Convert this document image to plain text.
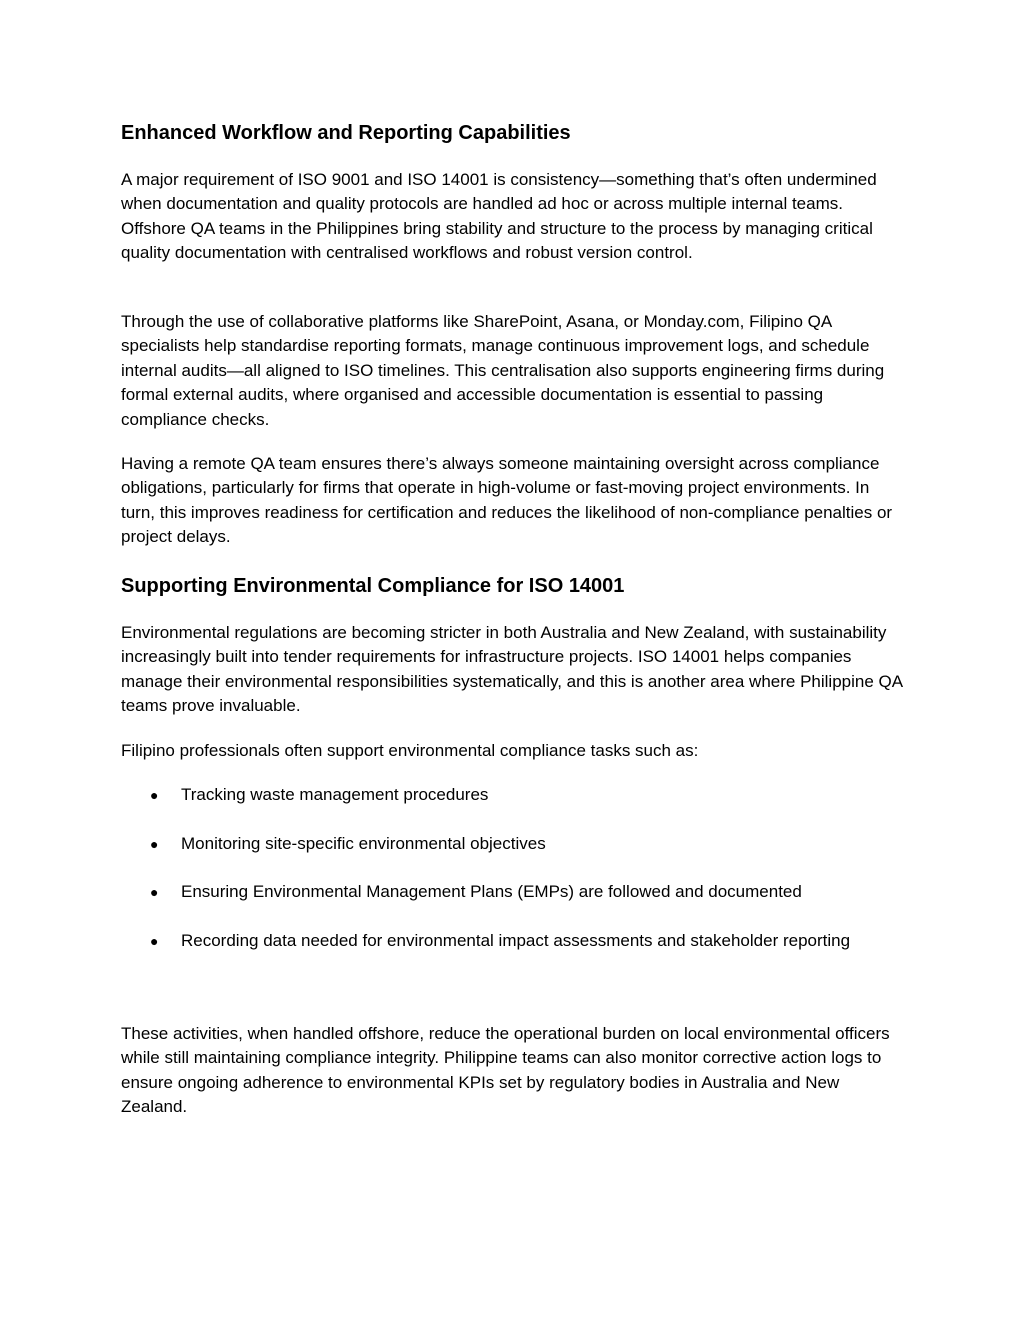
Enhanced Workflow and Reporting Capabilities

A major requirement of ISO 9001 and ISO 14001 is consistency—something that’s often undermined when documentation and quality protocols are handled ad hoc or across multiple internal teams. Offshore QA teams in the Philippines bring stability and structure to the process by managing critical quality documentation with centralised workflows and robust version control.

Through the use of collaborative platforms like SharePoint, Asana, or Monday.com, Filipino QA specialists help standardise reporting formats, manage continuous improvement logs, and schedule internal audits—all aligned to ISO timelines. This centralisation also supports engineering firms during formal external audits, where organised and accessible documentation is essential to passing compliance checks.

Having a remote QA team ensures there’s always someone maintaining oversight across compliance obligations, particularly for firms that operate in high-volume or fast-moving project environments. In turn, this improves readiness for certification and reduces the likelihood of non-compliance penalties or project delays.

Supporting Environmental Compliance for ISO 14001

Environmental regulations are becoming stricter in both Australia and New Zealand, with sustainability increasingly built into tender requirements for infrastructure projects. ISO 14001 helps companies manage their environmental responsibilities systematically, and this is another area where Philippine QA teams prove invaluable.

Filipino professionals often support environmental compliance tasks such as:

● Tracking waste management procedures
● Monitoring site-specific environmental objectives
● Ensuring Environmental Management Plans (EMPs) are followed and documented
● Recording data needed for environmental impact assessments and stakeholder reporting

These activities, when handled offshore, reduce the operational burden on local environmental officers while still maintaining compliance integrity. Philippine teams can also monitor corrective action logs to ensure ongoing adherence to environmental KPIs set by regulatory bodies in Australia and New Zealand.
